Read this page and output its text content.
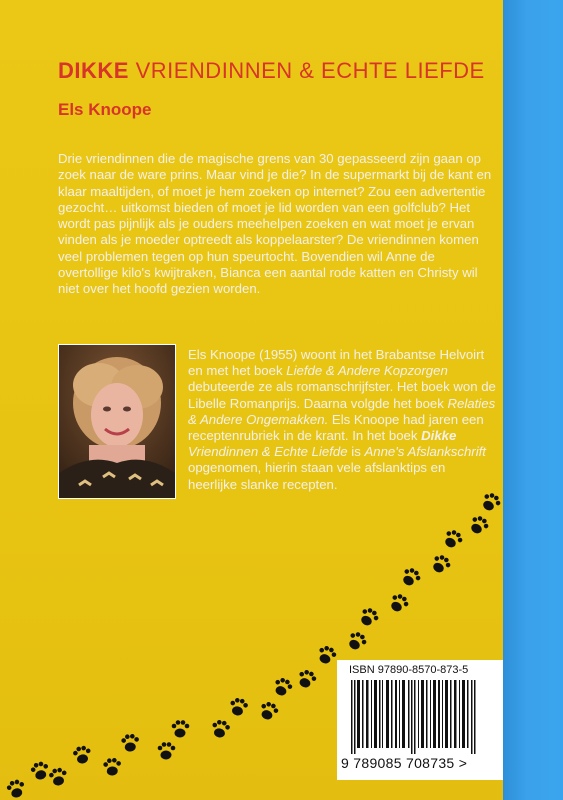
DIKKE VRIENDINNEN & ECHTE LIEFDE
Els Knoope

Drie vriendinnen die de magische grens van 30 gepasseerd zijn gaan op zoek naar de ware prins. Maar vind je die? In de supermarkt bij de kant en klaar maaltijden, of moet je hem zoeken op internet? Zou een advertentie gezocht… uitkomst bieden of moet je lid worden van een golfclub? Het wordt pas pijnlijk als je ouders meehelpen zoeken en wat moet je ervan vinden als je moeder optreedt als koppelaarster? De vriendinnen komen veel problemen tegen op hun speurtocht. Bovendien wil Anne de overtollige kilo's kwijtraken, Bianca een aantal rode katten en Christy wil niet over het hoofd gezien worden.

Els Knoope (1955) woont in het Brabantse Helvoirt en met het boek Liefde & Andere Kopzorgen debuteerde ze als romanschrijfster. Het boek won de Libelle Romanprijs. Daarna volgde het boek Relaties & Andere Ongemakken. Els Knoope had jaren een receptenrubriek in de krant. In het boek Dikke Vriendinnen & Echte Liefde is Anne's Afslankschrift opgenomen, hierin staan vele afslanktips en heerlijke slanke recepten.

ISBN 97890-8570-873-5
9 789085 708735 >
